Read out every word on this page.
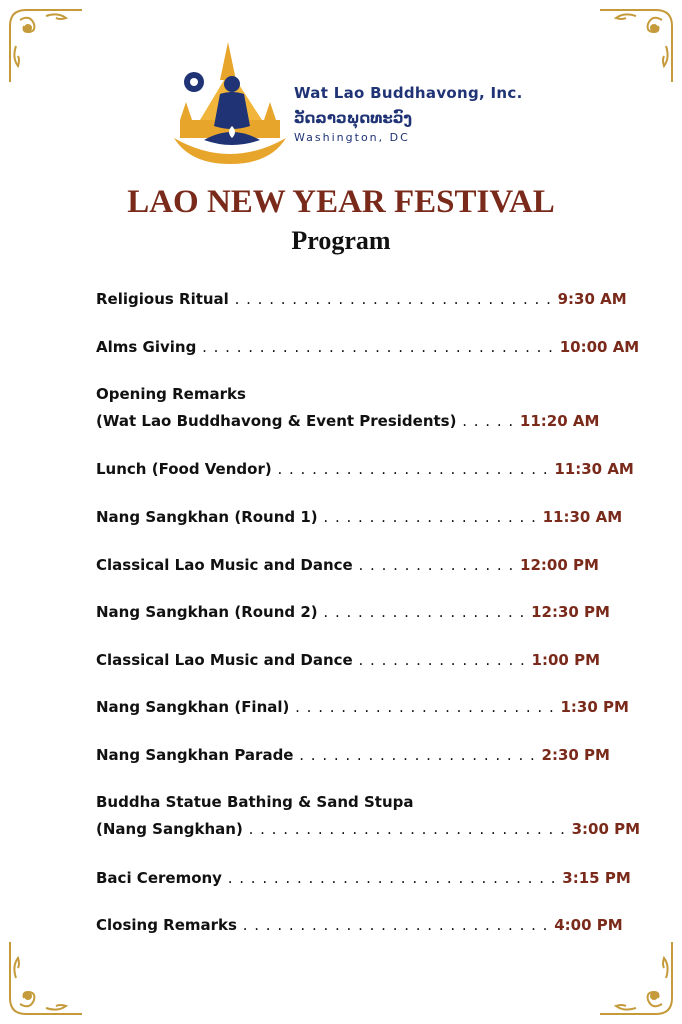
Wat Lao Buddhavong, Inc.
ວັດລາວພຸດທະວົງ
Washington, DC
LAO NEW YEAR FESTIVAL
Program
Religious Ritual . . . . . . . . . . . . . . . . . . . . . . . . . . . . 9:30 AM
Alms Giving . . . . . . . . . . . . . . . . . . . . . . . . . . . . . . . 10:00 AM
Opening Remarks
(Wat Lao Buddhavong & Event Presidents) . . . . . 11:20 AM
Lunch (Food Vendor) . . . . . . . . . . . . . . . . . . . . . . . . 11:30 AM
Nang Sangkhan (Round 1) . . . . . . . . . . . . . . . . . . . 11:30 AM
Classical Lao Music and Dance . . . . . . . . . . . . . . 12:00 PM
Nang Sangkhan (Round 2) . . . . . . . . . . . . . . . . . . 12:30 PM
Classical Lao Music and Dance . . . . . . . . . . . . . . . 1:00 PM
Nang Sangkhan (Final) . . . . . . . . . . . . . . . . . . . . . . . 1:30 PM
Nang Sangkhan Parade . . . . . . . . . . . . . . . . . . . . . 2:30 PM
Buddha Statue Bathing & Sand Stupa
(Nang Sangkhan) . . . . . . . . . . . . . . . . . . . . . . . . . . . . 3:00 PM
Baci Ceremony . . . . . . . . . . . . . . . . . . . . . . . . . . . . . 3:15 PM
Closing Remarks . . . . . . . . . . . . . . . . . . . . . . . . . . . 4:00 PM
